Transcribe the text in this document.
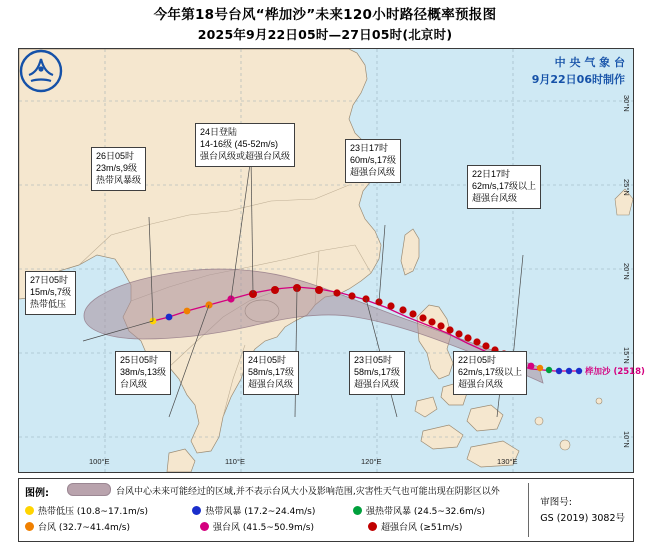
今年第18号台风“桦加沙”未来120小时路径概率预报图
2025年9月22日05时—27日05时(北京时)
中 央 气 象 台
9月22日06时制作
100°E	110°E	120°E	130°E
30°N
25°N
20°N
15°N
10°N
桦加沙 (2518)
24日登陆
14-16级 (45-52m/s)
强台风级或超强台风级
26日05时
23m/s,9级
热带风暴级
23日17时
60m/s,17级
超强台风级	22日17时
62m/s,17级以上
超强台风级
27日05时
15m/s,7级
热带低压
25日05时
38m/s,13级
台风级
24日05时
58m/s,17级
超强台风级
23日05时
58m/s,17级
超强台风级
22日05时
62m/s,17级以上
超强台风级
图例:	台风中心未来可能经过的区域,并不表示台风大小及影响范围,灾害性天气也可能出现在阴影区以外
热带低压 (10.8~17.1m/s)	热带风暴 (17.2~24.4m/s)	强热带风暴 (24.5~32.6m/s)
台风 (32.7~41.4m/s)	强台风 (41.5~50.9m/s)	超强台风 (≥51m/s)
审图号:
GS (2019) 3082号
